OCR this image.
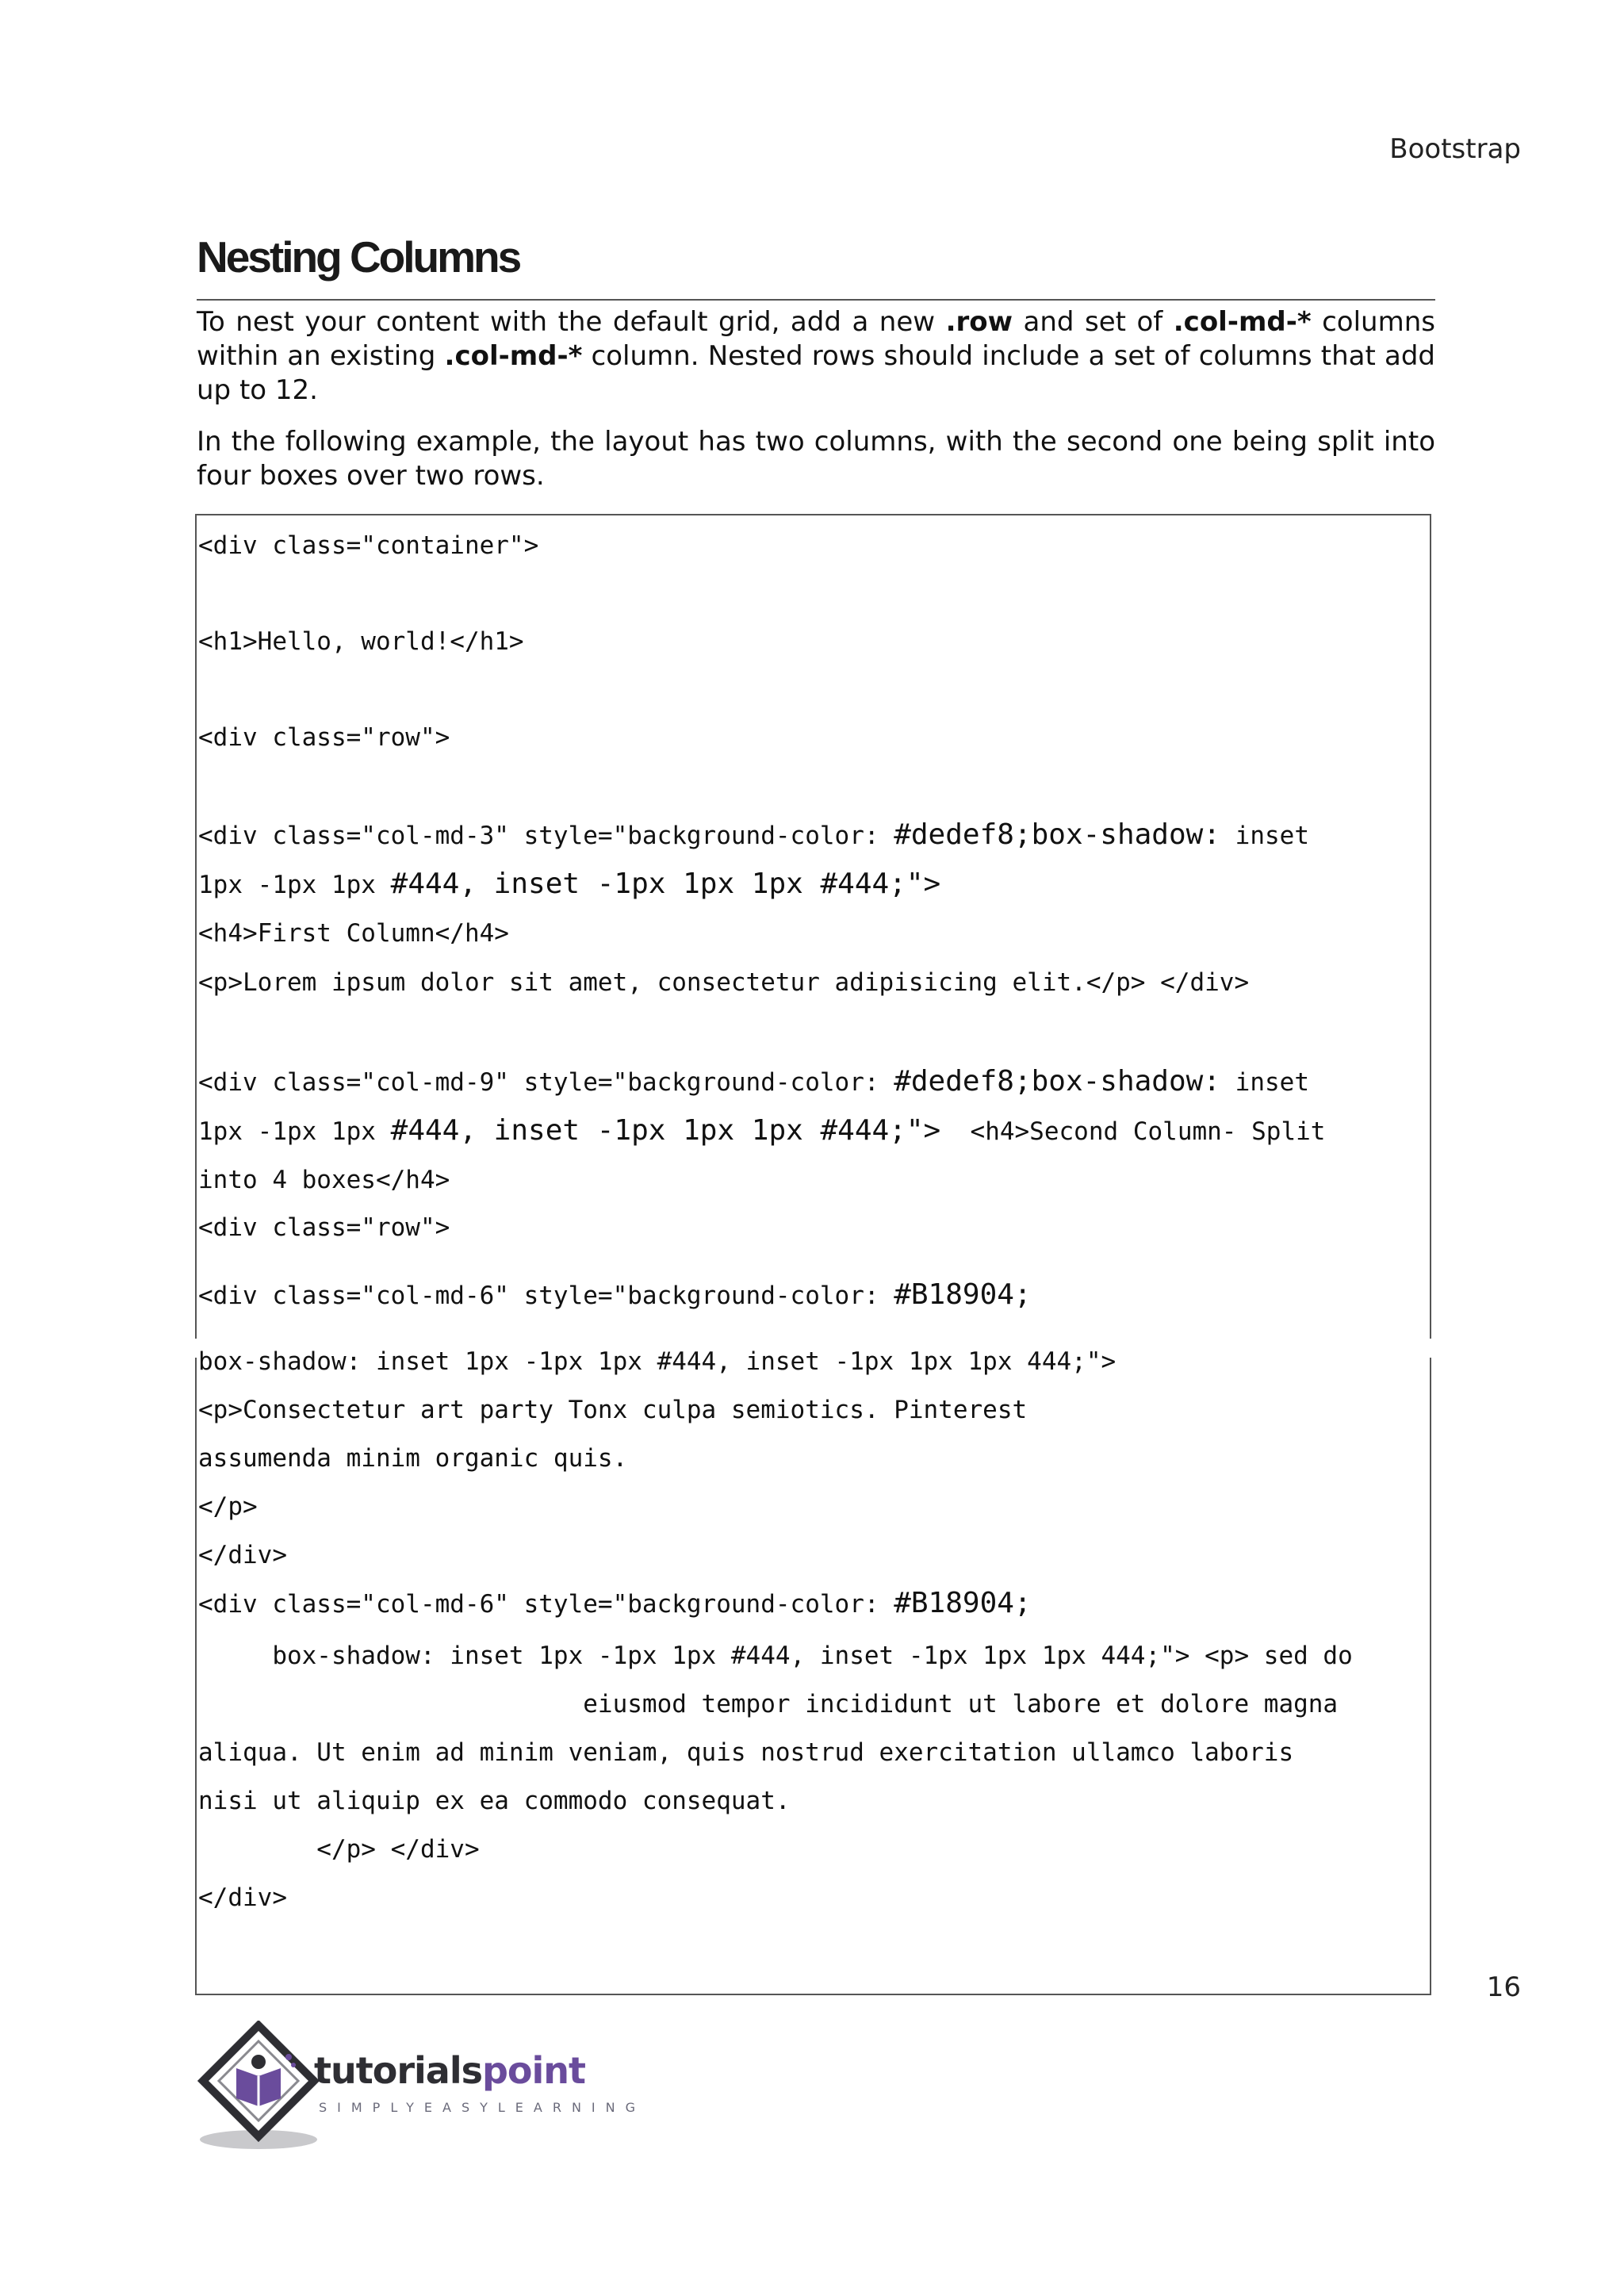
Bootstrap
Nesting Columns

To nest your content with the default grid, add a new .row and set of .col-md-* columns within an existing .col-md-* column. Nested rows should include a set of columns that add up to 12.

In the following example, the layout has two columns, with the second one being split into four boxes over two rows.

<div class="container">
<h1>Hello, world!</h1>
<div class="row">
<div class="col-md-3" style="background-color: #dedef8;box-shadow: inset
1px -1px 1px #444, inset -1px 1px 1px #444;">
<h4>First Column</h4>
<p>Lorem ipsum dolor sit amet, consectetur adipisicing elit.</p> </div>
<div class="col-md-9" style="background-color: #dedef8;box-shadow: inset
1px -1px 1px #444, inset -1px 1px 1px #444;">  <h4>Second Column- Split
into 4 boxes</h4>
<div class="row">
<div class="col-md-6" style="background-color: #B18904;
box-shadow: inset 1px -1px 1px #444, inset -1px 1px 1px 444;">
<p>Consectetur art party Tonx culpa semiotics. Pinterest
assumenda minim organic quis.
</p>
</div>
<div class="col-md-6" style="background-color: #B18904;
box-shadow: inset 1px -1px 1px #444, inset -1px 1px 1px 444;"> <p> sed do
eiusmod tempor incididunt ut labore et dolore magna
aliqua. Ut enim ad minim veniam, quis nostrud exercitation ullamco laboris
nisi ut aliquip ex ea commodo consequat.
</p> </div>
</div>
16
tutorialspoint
SIMPLYEASYLEARNING
